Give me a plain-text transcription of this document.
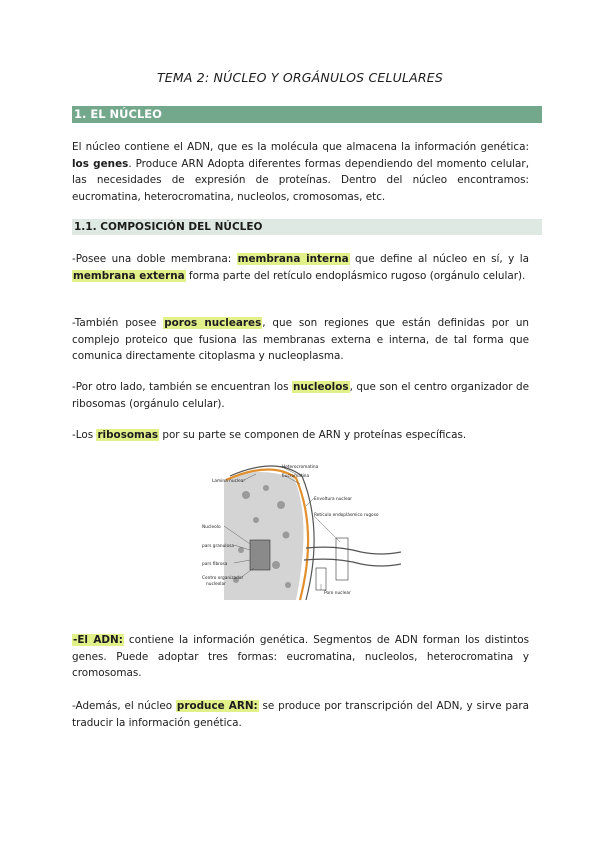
TEMA 2: NÚCLEO Y ORGÁNULOS CELULARES
1. EL NÚCLEO
El núcleo contiene el ADN, que es la molécula que almacena la información genética: los genes. Produce ARN Adopta diferentes formas dependiendo del momento celular, las necesidades de expresión de proteínas. Dentro del núcleo encontramos: eucromatina, heterocromatina, nucleolos, cromosomas, etc.
1.1. COMPOSICIÓN DEL NÚCLEO
-Posee una doble membrana: membrana interna que define al núcleo en sí, y la membrana externa forma parte del retículo endoplásmico rugoso (orgánulo celular).
-También posee poros nucleares, que son regiones que están definidas por un complejo proteico que fusiona las membranas externa e interna, de tal forma que comunica directamente citoplasma y nucleoplasma.
-Por otro lado, también se encuentran los nucleolos, que son el centro organizador de ribosomas (orgánulo celular).
-Los ribosomas por su parte se componen de ARN y proteínas específicas.
Heterocromatina
Lamina nuclear
Eucromatina
Envoltura nuclear
Retículo endoplásmico rugoso
Nucleolo
pars granulosa
pars fibrosa
Centro organizador
nucleolar
Poro nuclear
-El ADN: contiene la información genética. Segmentos de ADN forman los distintos genes. Puede adoptar tres formas: eucromatina, nucleolos, heterocromatina y cromosomas.
-Además, el núcleo produce ARN: se produce por transcripción del ADN, y sirve para traducir la información genética.
